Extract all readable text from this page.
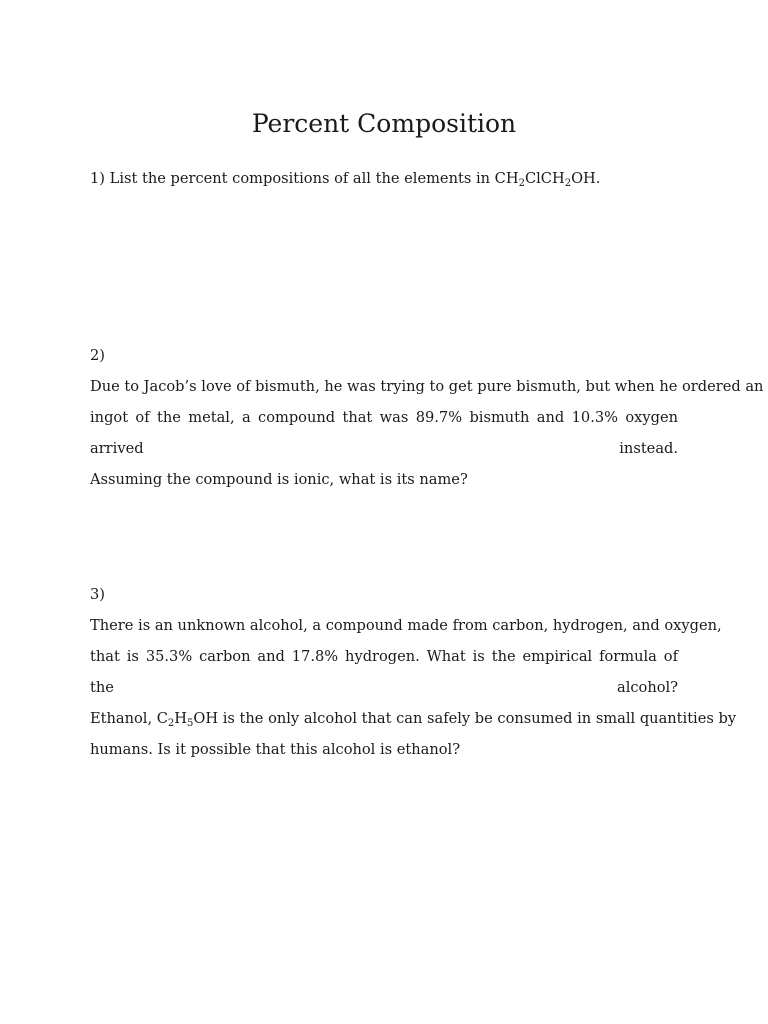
Percent Composition
1) List the percent compositions of all the elements in $CH_2ClCH_2OH$.
2) Due to Jacob’s love of bismuth, he was trying to get pure bismuth, but when he ordered an
ingot of the metal, a compound that was 89.7% bismuth and 10.3% oxygen arrived instead.
Assuming the compound is ionic, what is its name?
3) There is an unknown alcohol, a compound made from carbon, hydrogen, and oxygen,
that is 35.3% carbon and 17.8% hydrogen. What is the empirical formula of the alcohol?
Ethanol, $C_2H_5OH$ is the only alcohol that can safely be consumed in small quantities by
humans. Is it possible that this alcohol is ethanol?
